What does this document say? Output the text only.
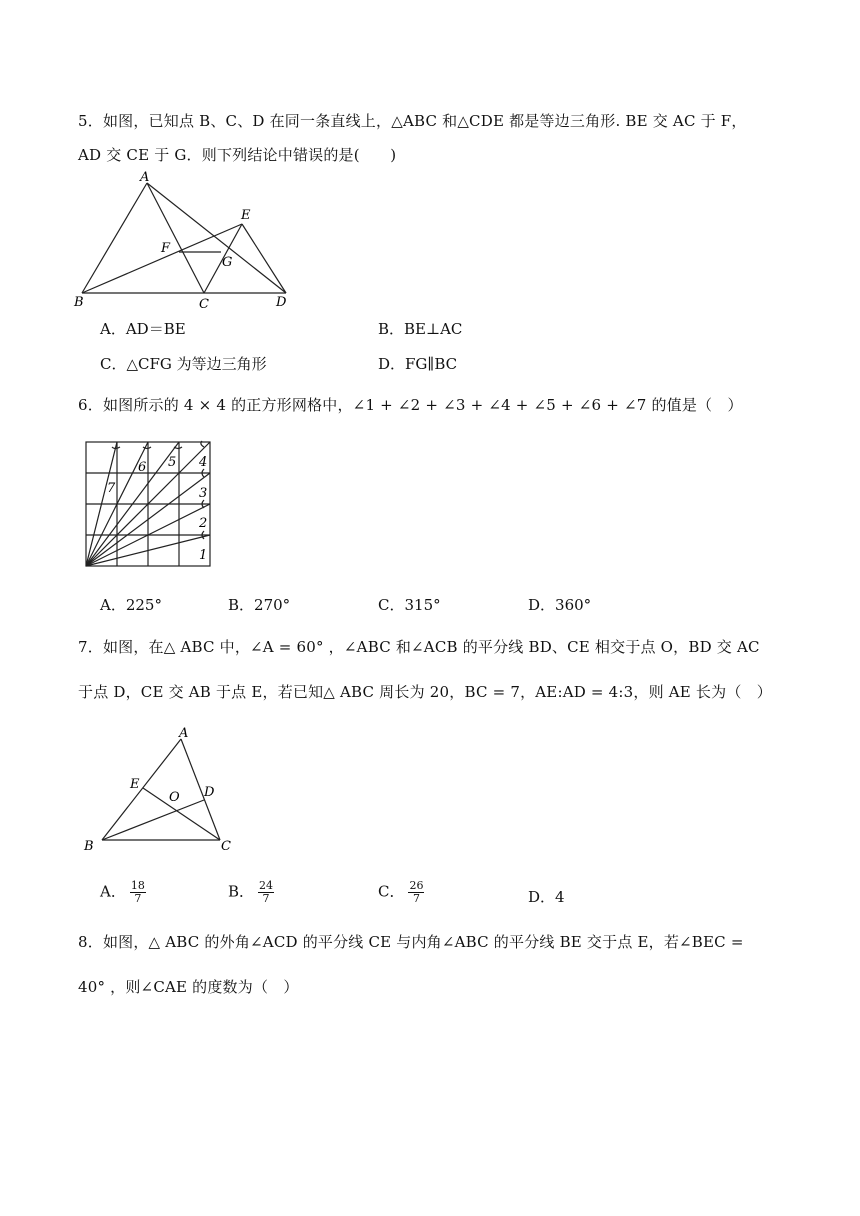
5．如图，已知点 B、C、D 在同一条直线上，△ABC 和△CDE 都是等边三角形. BE 交 AC 于 F，
AD 交 CE 于 G．则下列结论中错误的是(　　)
A
B	C	D
E
F
G
A．AD＝BE	B．BE⊥AC
C．△CFG 为等边三角形	D．FG∥BC
6．如图所示的 4 × 4 的正方形网格中，∠1 + ∠2 + ∠3 + ∠4 + ∠5 + ∠6 + ∠7 的值是（　）
1
2
3
4
5
6
7
A．225°	B．270°	C．315°	D．360°
7．如图，在△ ABC 中，∠A = 60° ，∠ABC 和∠ACB 的平分线 BD、CE 相交于点 O，BD 交 AC
于点 D，CE 交 AB 于点 E，若已知△ ABC 周长为 20，BC = 7，AE:AD = 4:3，则 AE 长为（　）
A
B	C
D
E
O
A． $\frac{18}{7}$	B． $\frac{24}{7}$	C． $\frac{26}{7}$	D．4
8．如图，△ ABC 的外角∠ACD 的平分线 CE 与内角∠ABC 的平分线 BE 交于点 E，若∠BEC =
40° ，则∠CAE 的度数为（　）
